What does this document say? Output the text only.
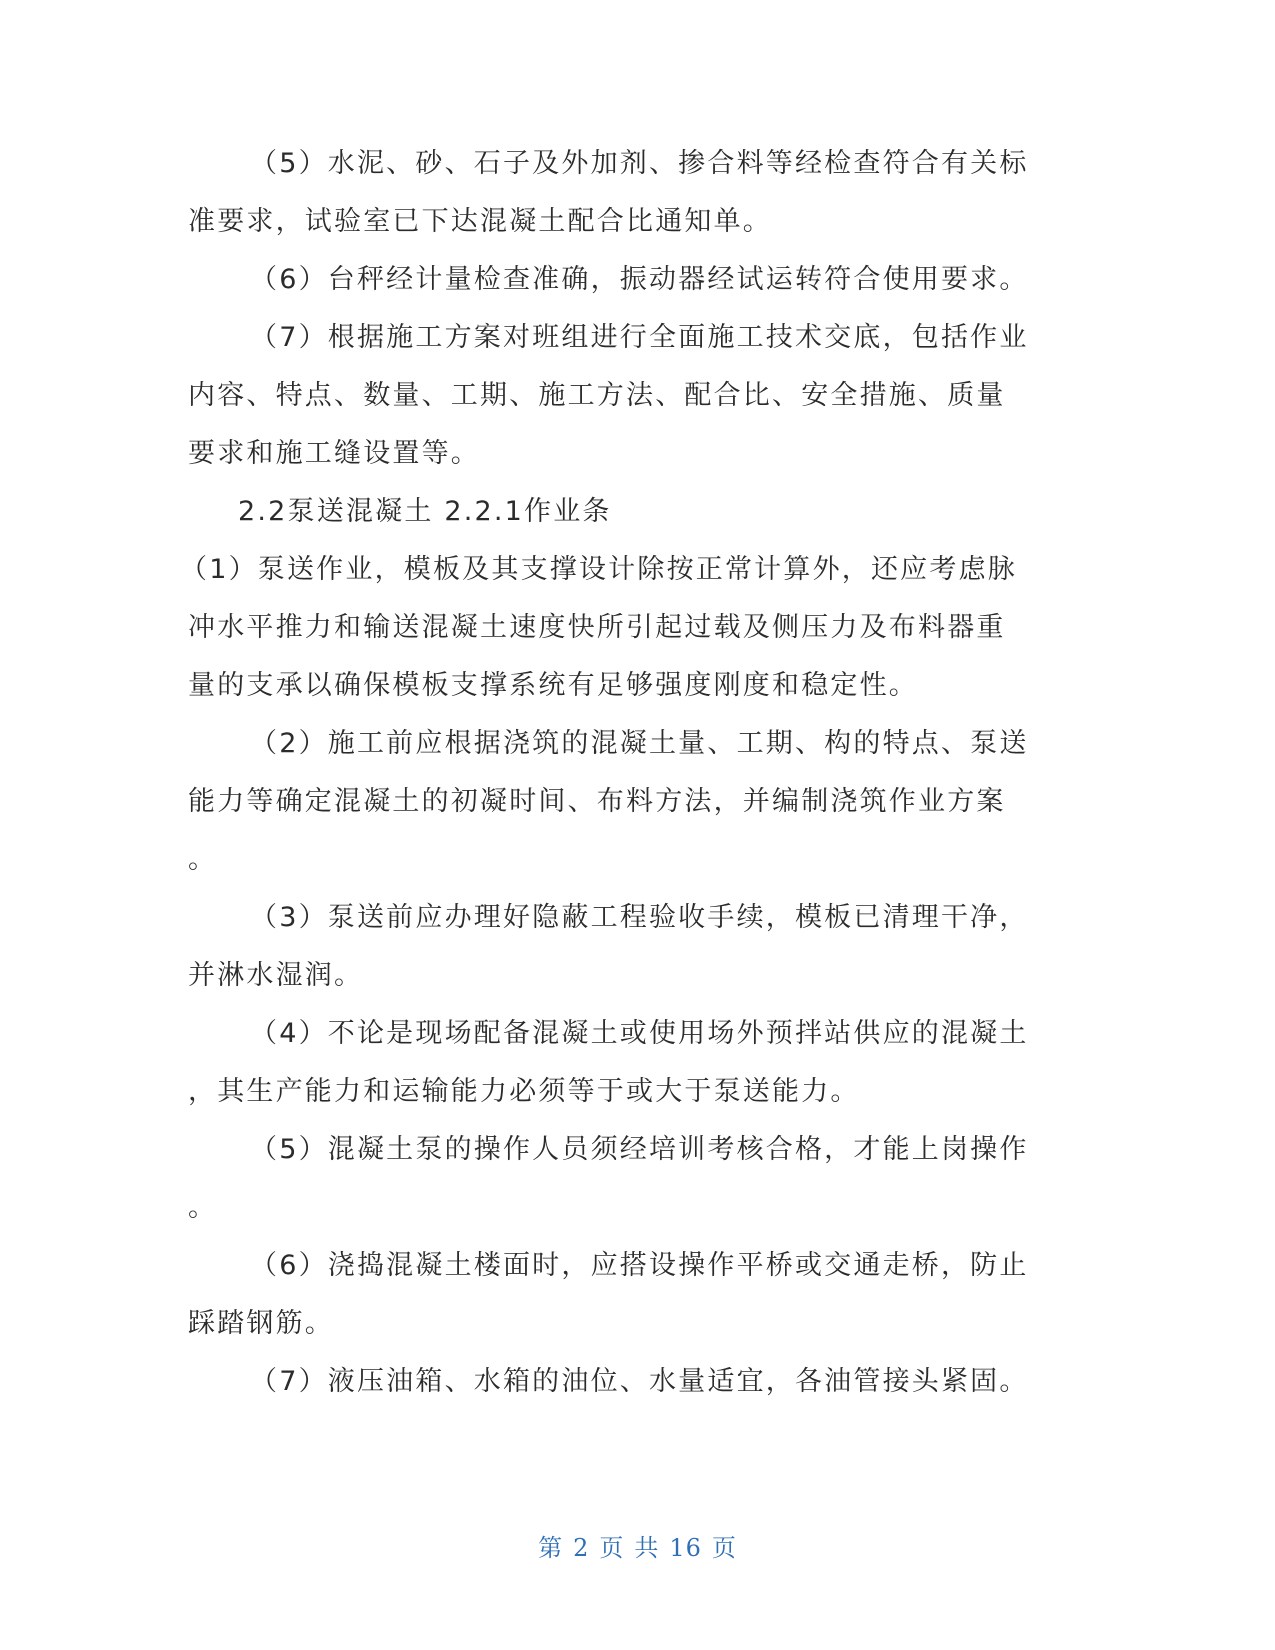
（5）水泥、砂、石子及外加剂、掺合料等经检查符合有关标
准要求，试验室已下达混凝土配合比通知单。
（6）台秤经计量检查准确，振动器经试运转符合使用要求。
（7）根据施工方案对班组进行全面施工技术交底，包括作业
内容、特点、数量、工期、施工方法、配合比、安全措施、质量
要求和施工缝设置等。
2.2泵送混凝土 2.2.1作业条
（1）泵送作业，模板及其支撑设计除按正常计算外，还应考虑脉
冲水平推力和输送混凝土速度快所引起过载及侧压力及布料器重
量的支承以确保模板支撑系统有足够强度刚度和稳定性。
（2）施工前应根据浇筑的混凝土量、工期、构的特点、泵送
能力等确定混凝土的初凝时间、布料方法，并编制浇筑作业方案
。
（3）泵送前应办理好隐蔽工程验收手续，模板已清理干净，
并淋水湿润。
（4）不论是现场配备混凝土或使用场外预拌站供应的混凝土
，其生产能力和运输能力必须等于或大于泵送能力。
（5）混凝土泵的操作人员须经培训考核合格，才能上岗操作
。
（6）浇捣混凝土楼面时，应搭设操作平桥或交通走桥，防止
踩踏钢筋。
（7）液压油箱、水箱的油位、水量适宜，各油管接头紧固。
第 2 页 共 16 页
